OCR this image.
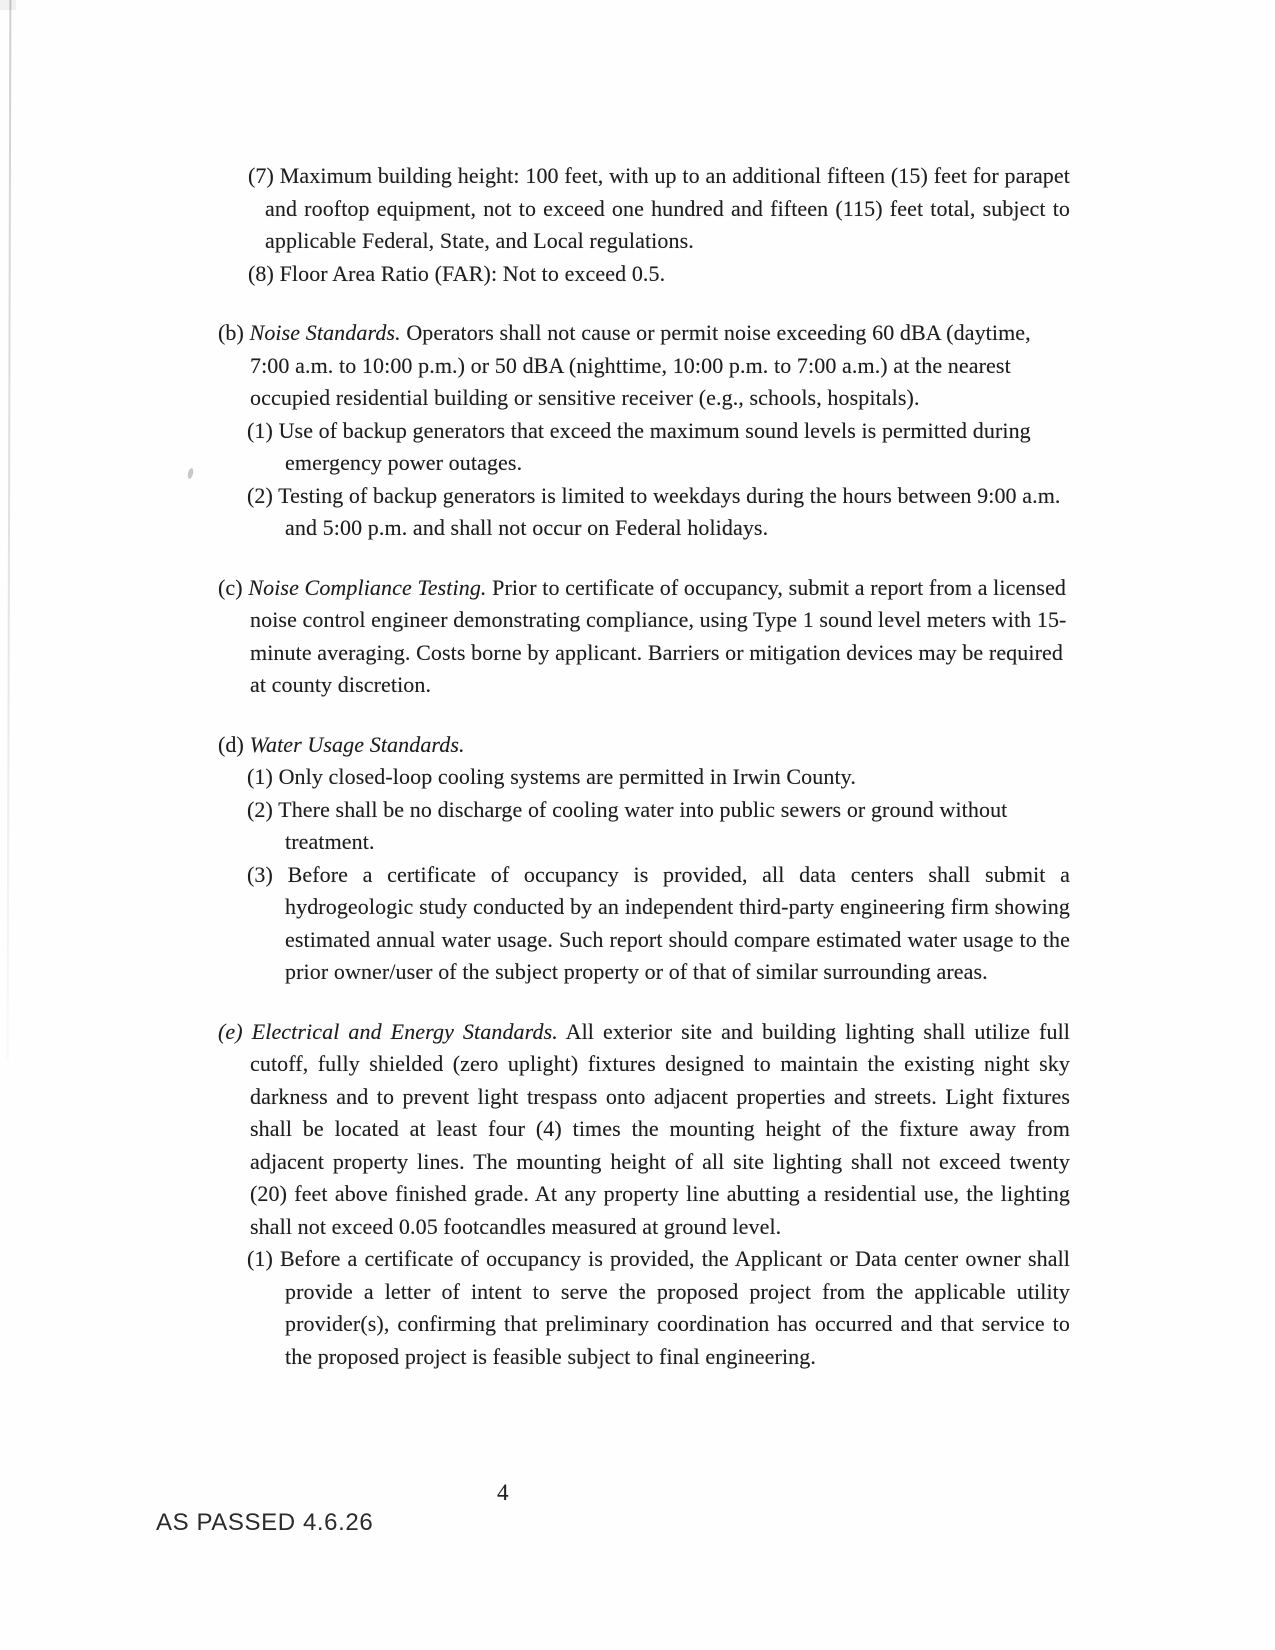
(7) Maximum building height: 100 feet, with up to an additional fifteen (15) feet for parapet and rooftop equipment, not to exceed one hundred and fifteen (115) feet total, subject to applicable Federal, State, and Local regulations.

(8) Floor Area Ratio (FAR): Not to exceed 0.5.

(b) Noise Standards. Operators shall not cause or permit noise exceeding 60 dBA (daytime, 7:00 a.m. to 10:00 p.m.) or 50 dBA (nighttime, 10:00 p.m. to 7:00 a.m.) at the nearest occupied residential building or sensitive receiver (e.g., schools, hospitals).

(1) Use of backup generators that exceed the maximum sound levels is permitted during emergency power outages.

(2) Testing of backup generators is limited to weekdays during the hours between 9:00 a.m. and 5:00 p.m. and shall not occur on Federal holidays.

(c) Noise Compliance Testing. Prior to certificate of occupancy, submit a report from a licensed noise control engineer demonstrating compliance, using Type 1 sound level meters with 15-minute averaging. Costs borne by applicant. Barriers or mitigation devices may be required at county discretion.

(d) Water Usage Standards.

(1) Only closed-loop cooling systems are permitted in Irwin County.

(2) There shall be no discharge of cooling water into public sewers or ground without treatment.

(3) Before a certificate of occupancy is provided, all data centers shall submit a hydrogeologic study conducted by an independent third-party engineering firm showing estimated annual water usage. Such report should compare estimated water usage to the prior owner/user of the subject property or of that of similar surrounding areas.

(e) Electrical and Energy Standards. All exterior site and building lighting shall utilize full cutoff, fully shielded (zero uplight) fixtures designed to maintain the existing night sky darkness and to prevent light trespass onto adjacent properties and streets. Light fixtures shall be located at least four (4) times the mounting height of the fixture away from adjacent property lines. The mounting height of all site lighting shall not exceed twenty (20) feet above finished grade. At any property line abutting a residential use, the lighting shall not exceed 0.05 footcandles measured at ground level.

(1) Before a certificate of occupancy is provided, the Applicant or Data center owner shall provide a letter of intent to serve the proposed project from the applicable utility provider(s), confirming that preliminary coordination has occurred and that service to the proposed project is feasible subject to final engineering.

4
AS PASSED 4.6.26
